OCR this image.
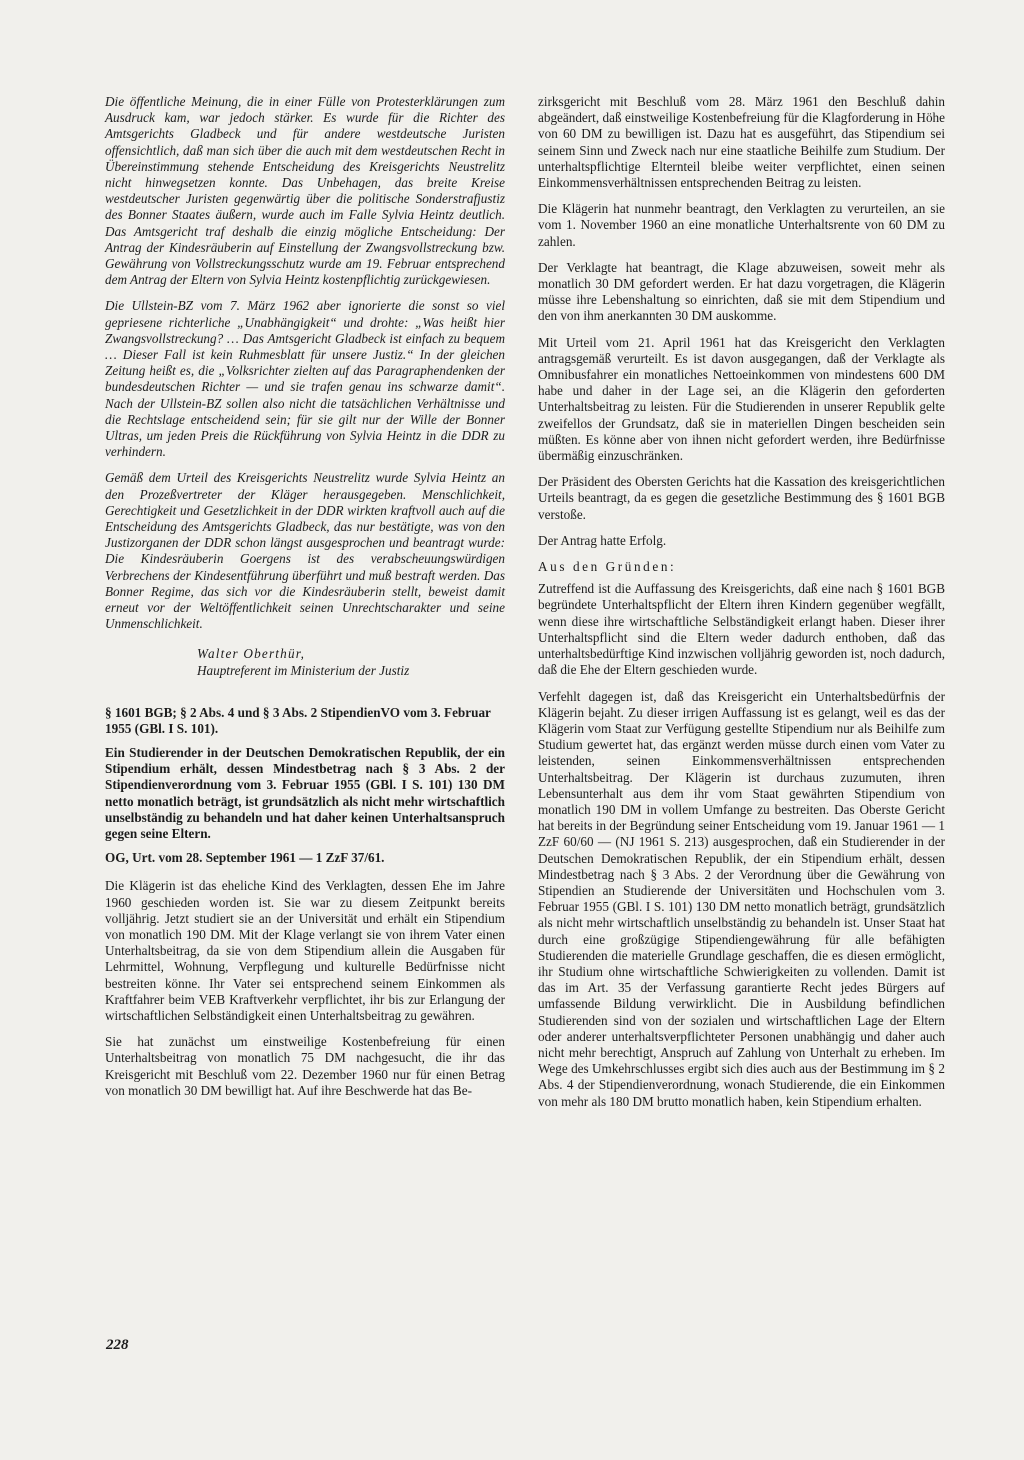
Die öffentliche Meinung, die in einer Fülle von Protesterklärungen zum Ausdruck kam, war jedoch stärker. Es wurde für die Richter des Amtsgerichts Gladbeck und für andere westdeutsche Juristen offensichtlich, daß man sich über die auch mit dem westdeutschen Recht in Übereinstimmung stehende Entscheidung des Kreisgerichts Neustrelitz nicht hinwegsetzen konnte. Das Unbehagen, das breite Kreise westdeutscher Juristen gegenwärtig über die politische Sonderstrafjustiz des Bonner Staates äußern, wurde auch im Falle Sylvia Heintz deutlich. Das Amtsgericht traf deshalb die einzig mögliche Entscheidung: Der Antrag der Kindesräuberin auf Einstellung der Zwangsvollstreckung bzw. Gewährung von Vollstreckungsschutz wurde am 19. Februar entsprechend dem Antrag der Eltern von Sylvia Heintz kostenpflichtig zurückgewiesen.

Die Ullstein-BZ vom 7. März 1962 aber ignorierte die sonst so viel gepriesene richterliche „Unabhängigkeit“ und drohte: „Was heißt hier Zwangsvollstreckung? … Das Amtsgericht Gladbeck ist einfach zu bequem … Dieser Fall ist kein Ruhmesblatt für unsere Justiz.“ In der gleichen Zeitung heißt es, die „Volksrichter zielten auf das Paragraphendenken der bundesdeutschen Richter — und sie trafen genau ins schwarze damit“. Nach der Ullstein-BZ sollen also nicht die tatsächlichen Verhältnisse und die Rechtslage entscheidend sein; für sie gilt nur der Wille der Bonner Ultras, um jeden Preis die Rückführung von Sylvia Heintz in die DDR zu verhindern.

Gemäß dem Urteil des Kreisgerichts Neustrelitz wurde Sylvia Heintz an den Prozeßvertreter der Kläger herausgegeben. Menschlichkeit, Gerechtigkeit und Gesetzlichkeit in der DDR wirkten kraftvoll auch auf die Entscheidung des Amtsgerichts Gladbeck, das nur bestätigte, was von den Justizorganen der DDR schon längst ausgesprochen und beantragt wurde: Die Kindesräuberin Goergens ist des verabscheuungswürdigen Verbrechens der Kindesentführung überführt und muß bestraft werden. Das Bonner Regime, das sich vor die Kindesräuberin stellt, beweist damit erneut vor der Weltöffentlichkeit seinen Unrechtscharakter und seine Unmenschlichkeit.

Walter Oberthür,
Hauptreferent im Ministerium der Justiz
§ 1601 BGB; § 2 Abs. 4 und § 3 Abs. 2 StipendienVO vom 3. Februar 1955 (GBl. I S. 101).
Ein Studierender in der Deutschen Demokratischen Republik, der ein Stipendium erhält, dessen Mindestbetrag nach § 3 Abs. 2 der Stipendienverordnung vom 3. Februar 1955 (GBl. I S. 101) 130 DM netto monatlich beträgt, ist grundsätzlich als nicht mehr wirtschaftlich unselbständig zu behandeln und hat daher keinen Unterhaltsanspruch gegen seine Eltern.
OG, Urt. vom 28. September 1961 — 1 ZzF 37/61.

Die Klägerin ist das eheliche Kind des Verklagten, dessen Ehe im Jahre 1960 geschieden worden ist. Sie war zu diesem Zeitpunkt bereits volljährig. Jetzt studiert sie an der Universität und erhält ein Stipendium von monatlich 190 DM. Mit der Klage verlangt sie von ihrem Vater einen Unterhaltsbeitrag, da sie von dem Stipendium allein die Ausgaben für Lehrmittel, Wohnung, Verpflegung und kulturelle Bedürfnisse nicht bestreiten könne. Ihr Vater sei entsprechend seinem Einkommen als Kraftfahrer beim VEB Kraftverkehr verpflichtet, ihr bis zur Erlangung der wirtschaftlichen Selbständigkeit einen Unterhaltsbeitrag zu gewähren.

Sie hat zunächst um einstweilige Kostenbefreiung für einen Unterhaltsbeitrag von monatlich 75 DM nachgesucht, die ihr das Kreisgericht mit Beschluß vom 22. Dezember 1960 nur für einen Betrag von monatlich 30 DM bewilligt hat. Auf ihre Beschwerde hat das Be-

zirksgericht mit Beschluß vom 28. März 1961 den Beschluß dahin abgeändert, daß einstweilige Kostenbefreiung für die Klagforderung in Höhe von 60 DM zu bewilligen ist. Dazu hat es ausgeführt, das Stipendium sei seinem Sinn und Zweck nach nur eine staatliche Beihilfe zum Studium. Der unterhaltspflichtige Elternteil bleibe weiter verpflichtet, einen seinen Einkommensverhältnissen entsprechenden Beitrag zu leisten.

Die Klägerin hat nunmehr beantragt, den Verklagten zu verurteilen, an sie vom 1. November 1960 an eine monatliche Unterhaltsrente von 60 DM zu zahlen.

Der Verklagte hat beantragt, die Klage abzuweisen, soweit mehr als monatlich 30 DM gefordert werden. Er hat dazu vorgetragen, die Klägerin müsse ihre Lebenshaltung so einrichten, daß sie mit dem Stipendium und den von ihm anerkannten 30 DM auskomme.

Mit Urteil vom 21. April 1961 hat das Kreisgericht den Verklagten antragsgemäß verurteilt. Es ist davon ausgegangen, daß der Verklagte als Omnibusfahrer ein monatliches Nettoeinkommen von mindestens 600 DM habe und daher in der Lage sei, an die Klägerin den geforderten Unterhaltsbeitrag zu leisten. Für die Studierenden in unserer Republik gelte zweifellos der Grundsatz, daß sie in materiellen Dingen bescheiden sein müßten. Es könne aber von ihnen nicht gefordert werden, ihre Bedürfnisse übermäßig einzuschränken.

Der Präsident des Obersten Gerichts hat die Kassation des kreisgerichtlichen Urteils beantragt, da es gegen die gesetzliche Bestimmung des § 1601 BGB verstoße.

Der Antrag hatte Erfolg.

Aus den Gründen:

Zutreffend ist die Auffassung des Kreisgerichts, daß eine nach § 1601 BGB begründete Unterhaltspflicht der Eltern ihren Kindern gegenüber wegfällt, wenn diese ihre wirtschaftliche Selbständigkeit erlangt haben. Dieser ihrer Unterhaltspflicht sind die Eltern weder dadurch enthoben, daß das unterhaltsbedürftige Kind inzwischen volljährig geworden ist, noch dadurch, daß die Ehe der Eltern geschieden wurde.

Verfehlt dagegen ist, daß das Kreisgericht ein Unterhaltsbedürfnis der Klägerin bejaht. Zu dieser irrigen Auffassung ist es gelangt, weil es das der Klägerin vom Staat zur Verfügung gestellte Stipendium nur als Beihilfe zum Studium gewertet hat, das ergänzt werden müsse durch einen vom Vater zu leistenden, seinen Einkommensverhältnissen entsprechenden Unterhaltsbeitrag. Der Klägerin ist durchaus zuzumuten, ihren Lebensunterhalt aus dem ihr vom Staat gewährten Stipendium von monatlich 190 DM in vollem Umfange zu bestreiten. Das Oberste Gericht hat bereits in der Begründung seiner Entscheidung vom 19. Januar 1961 — 1 ZzF 60/60 — (NJ 1961 S. 213) ausgesprochen, daß ein Studierender in der Deutschen Demokratischen Republik, der ein Stipendium erhält, dessen Mindestbetrag nach § 3 Abs. 2 der Verordnung über die Gewährung von Stipendien an Studierende der Universitäten und Hochschulen vom 3. Februar 1955 (GBl. I S. 101) 130 DM netto monatlich beträgt, grundsätzlich als nicht mehr wirtschaftlich unselbständig zu behandeln ist. Unser Staat hat durch eine großzügige Stipendiengewährung für alle befähigten Studierenden die materielle Grundlage geschaffen, die es diesen ermöglicht, ihr Studium ohne wirtschaftliche Schwierigkeiten zu vollenden. Damit ist das im Art. 35 der Verfassung garantierte Recht jedes Bürgers auf umfassende Bildung verwirklicht. Die in Ausbildung befindlichen Studierenden sind von der sozialen und wirtschaftlichen Lage der Eltern oder anderer unterhaltsverpflichteter Personen unabhängig und daher auch nicht mehr berechtigt, Anspruch auf Zahlung von Unterhalt zu erheben. Im Wege des Umkehrschlusses ergibt sich dies auch aus der Bestimmung im § 2 Abs. 4 der Stipendienverordnung, wonach Studierende, die ein Einkommen von mehr als 180 DM brutto monatlich haben, kein Stipendium erhalten.

228
